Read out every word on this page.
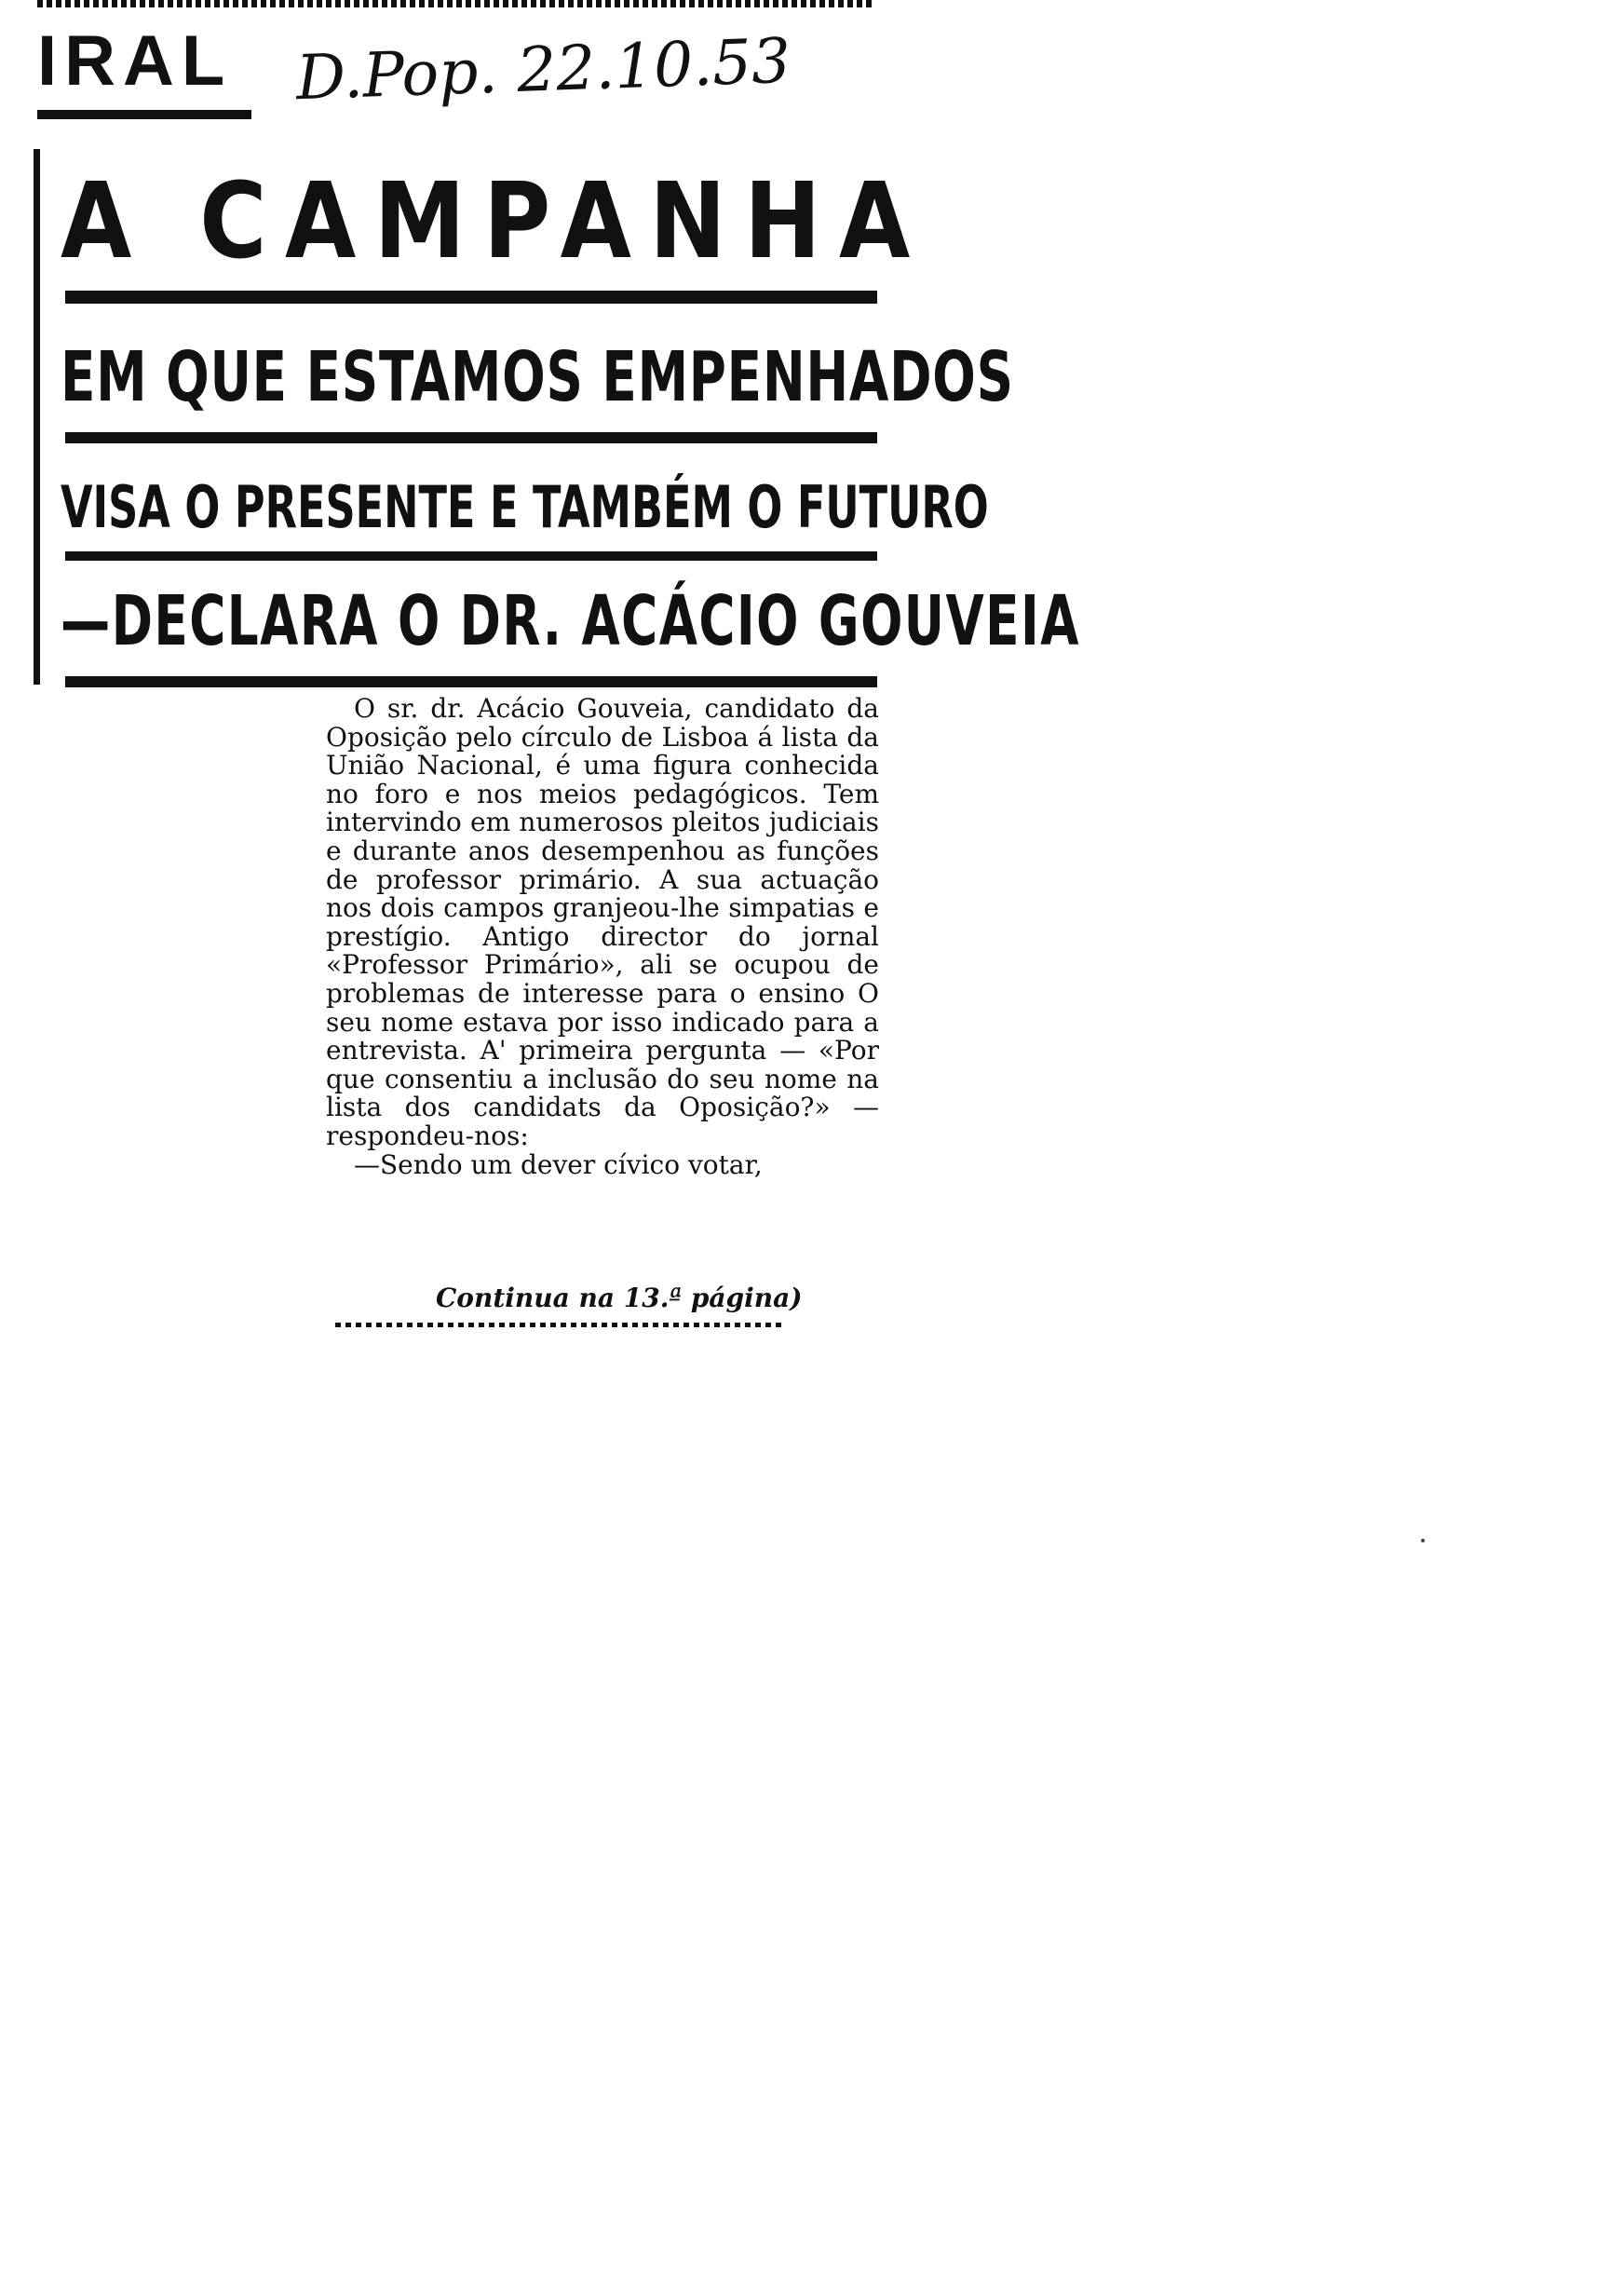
IRAL D.Pop. 22.10.53
A CAMPANHA
EM QUE ESTAMOS EMPENHADOS
VISA O PRESENTE E TAMBÉM O FUTURO
—DECLARA O DR. ACÁCIO GOUVEIA

O sr. dr. Acácio Gouveia, candidato da Oposição pelo círculo de Lisboa á lista da União Nacional, é uma figura conhecida no foro e nos meios pedagógicos. Tem intervindo em numerosos pleitos judiciais e durante anos desempenhou as funções de professor primário. A sua actuação nos dois campos granjeou-lhe simpatias e prestígio. Antigo director do jornal «Professor Primário», ali se ocupou de problemas de interesse para o ensino O seu nome estava por isso indicado para a entrevista. A' primeira pergunta — «Por que consentiu a inclusão do seu nome na lista dos candidats da Oposição?» — respondeu-nos:

—Sendo um dever cívico votar,

Continua na 13.ª página)
